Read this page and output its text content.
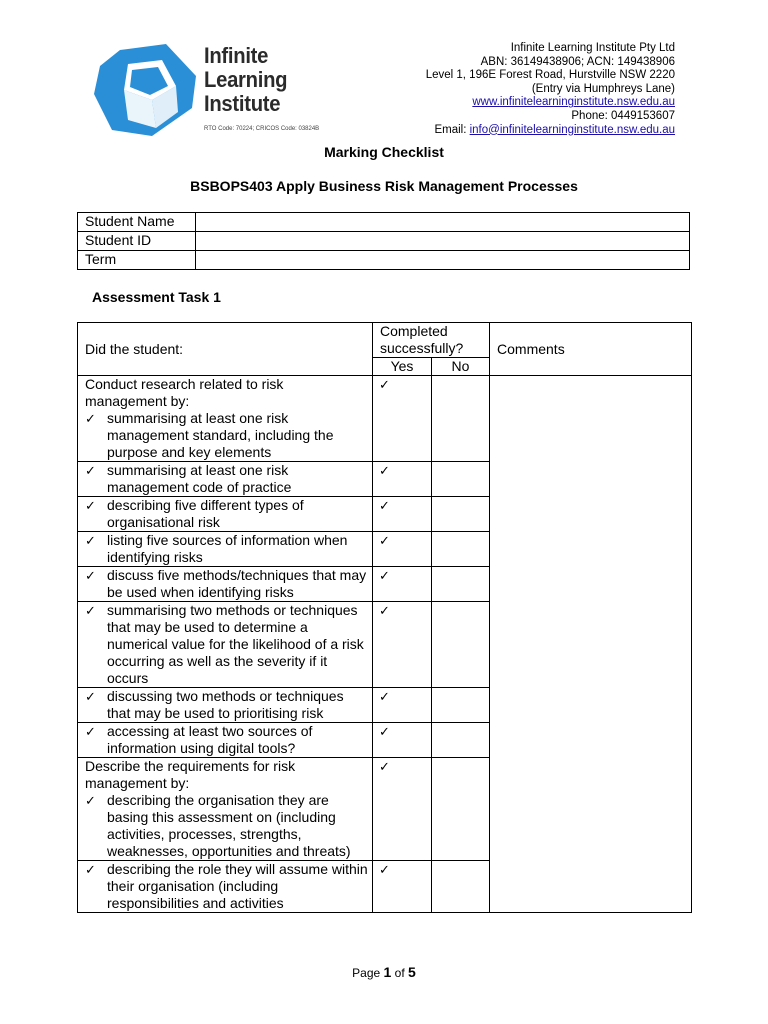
Infinite
Learning
Institute
RTO Code: 70224; CRICOS Code: 03824B
Infinite Learning Institute Pty Ltd
ABN: 36149438906; ACN: 149438906
Level 1, 196E Forest Road, Hurstville NSW 2220
(Entry via Humphreys Lane)
www.infinitelearninginstitute.nsw.edu.au
Phone: 0449153607
Email: info@infinitelearninginstitute.nsw.edu.au
Marking Checklist
BSBOPS403 Apply Business Risk Management Processes
Student Name	
Student ID	
Term	
Assessment Task 1
Did the student:	Completed successfully?		Comments
	Yes	No	

Conduct research related to risk management by:
✓ summarising at least one risk management standard, including the purpose and key elements	✓		

✓ summarising at least one risk management code of practice	✓		

✓ describing five different types of organisational risk	✓		

✓ listing five sources of information when identifying risks	✓		

✓ discuss five methods/techniques that may be used when identifying risks	✓		

✓ summarising two methods or techniques that may be used to determine a numerical value for the likelihood of a risk occurring as well as the severity if it occurs	✓		

✓ discussing two methods or techniques that may be used to prioritising risk	✓		

✓ accessing at least two sources of information using digital tools?	✓		

Describe the requirements for risk management by:
✓ describing the organisation they are basing this assessment on (including activities, processes, strengths, weaknesses, opportunities and threats)	✓		

✓ describing the role they will assume within their organisation (including responsibilities and activities	✓		
Page 1 of 5
